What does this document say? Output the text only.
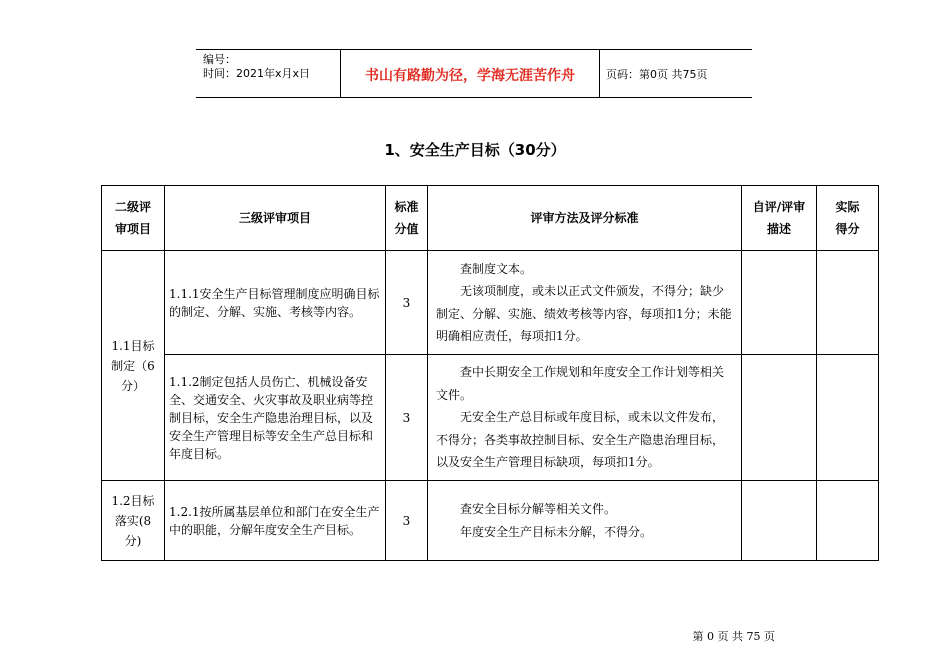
编号：
时间：2021年x月x日	书山有路勤为径，学海无涯苦作舟	页码：第0页 共75页
1、安全生产目标（30分）
二级评审项目	三级评审项目	标准分值	评审方法及评分标准	自评/评审描述	实际得分

1.1目标制定（6分）	1.1.1安全生产目标管理制度应明确目标的制定、分解、实施、考核等内容。	3	查制度文本。

无该项制度，或未以正式文件颁发，不得分；缺少制定、分解、实施、绩效考核等内容，每项扣1分；未能明确相应责任，每项扣1分。		

	1.1.2制定包括人员伤亡、机械设备安全、交通安全、火灾事故及职业病等控制目标，安全生产隐患治理目标，以及安全生产管理目标等安全生产总目标和年度目标。	3	查中长期安全工作规划和年度安全工作计划等相关文件。

无安全生产总目标或年度目标，或未以文件发布，不得分；各类事故控制目标、安全生产隐患治理目标，以及安全生产管理目标缺项，每项扣1分。		

1.2目标落实(8分)	1.2.1按所属基层单位和部门在安全生产中的职能，分解年度安全生产目标。	3	查安全目标分解等相关文件。

年度安全生产目标未分解，不得分。		

第 0 页 共 75 页
